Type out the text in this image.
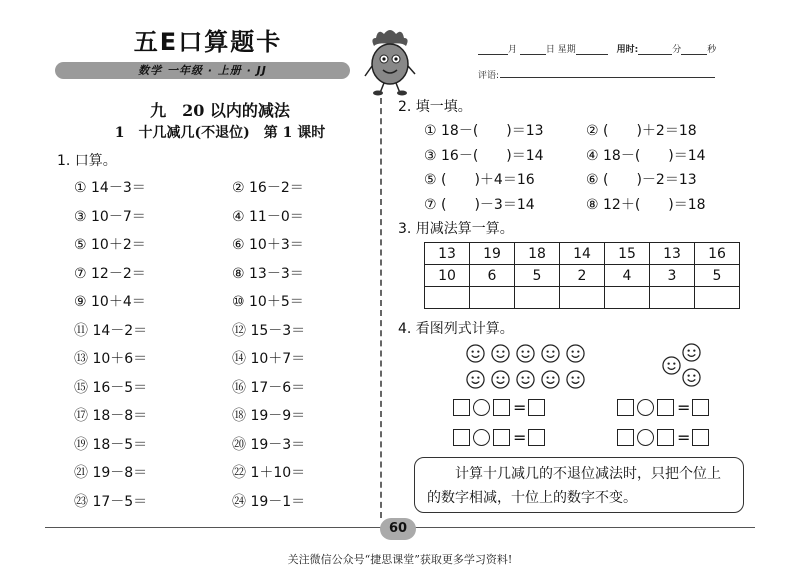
五E口算题卡
数学 一年级 · 上册 · JJ
月	日 星期	用时:	分	秒
评语:
九　20 以内的减法
1　十几减几(不退位)　第 1 课时
1. 口算。
① 14－3＝	② 16－2＝
③ 10－7＝	④ 11－0＝
⑤ 10＋2＝	⑥ 10＋3＝
⑦ 12－2＝	⑧ 13－3＝
⑨ 10＋4＝	⑩ 10＋5＝
⑪ 14－2＝	⑫ 15－3＝
⑬ 10＋6＝	⑭ 10＋7＝
⑮ 16－5＝	⑯ 17－6＝
⑰ 18－8＝	⑱ 19－9＝
⑲ 18－5＝	⑳ 19－3＝
㉑ 19－8＝	㉒ 1＋10＝
㉓ 17－5＝	㉔ 19－1＝
2. 填一填。
① 18－(　　)＝13	② (　　)＋2＝18
③ 16－(　　)＝14	④ 18－(　　)＝14
⑤ (　　)＋4＝16	⑥ (　　)－2＝13
⑦ (　　)－3＝14	⑧ 12＋(　　)＝18
3. 用减法算一算。
13	19	18	14	15	13	16
10	6	5	2	4	3	5

4. 看图列式计算。
=	=
=	=
计算十几减几的不退位减法时，只把个位上的数字相减，十位上的数字不变。
60
关注微信公众号“捷思课堂”获取更多学习资料!
